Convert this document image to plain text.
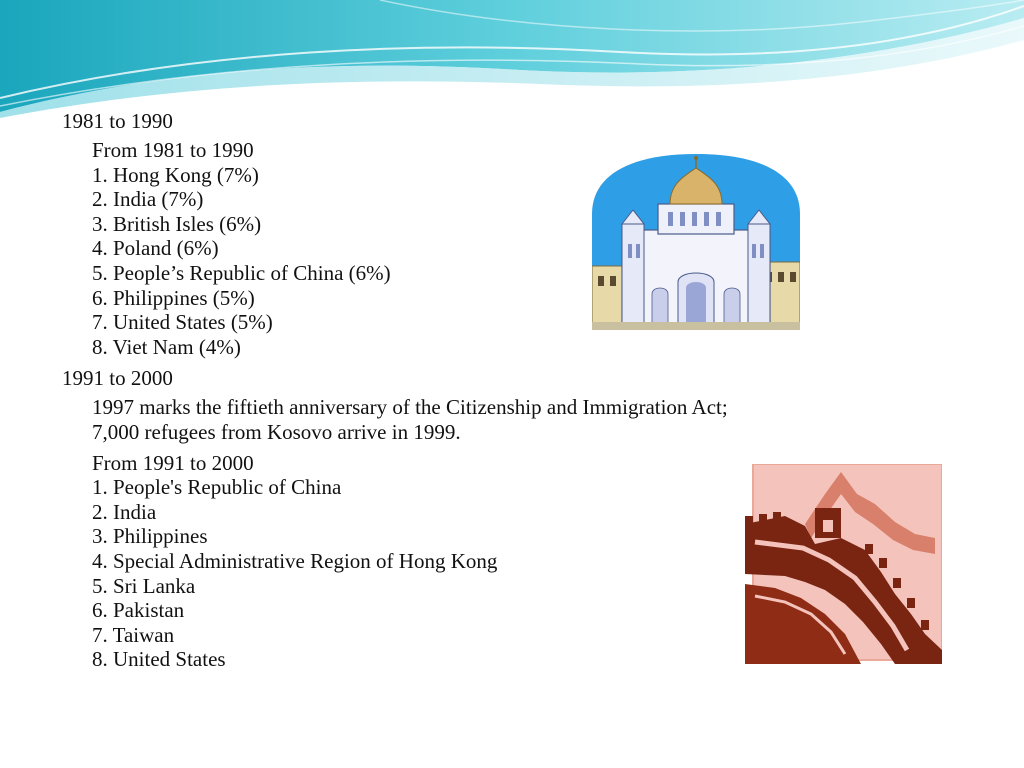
1981 to 1990
From 1981 to 1990
1. Hong Kong (7%)
2. India (7%)
3. British Isles (6%)
4. Poland (6%)
5. People’s Republic of China (6%)
6. Philippines (5%)
7. United States (5%)
8. Viet Nam (4%)
1991 to 2000
1997 marks the fiftieth anniversary of the Citizenship and Immigration Act;
7,000 refugees from Kosovo arrive in 1999.
From 1991 to 2000
1. People's Republic of China
2. India
3. Philippines
4. Special Administrative Region of Hong Kong
5. Sri Lanka
6. Pakistan
7. Taiwan
8. United States
